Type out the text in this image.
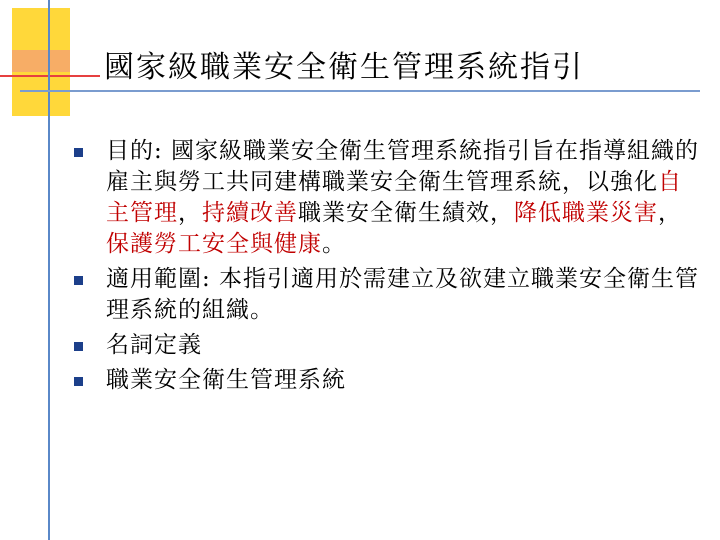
國家級職業安全衛生管理系統指引
目的: 國家級職業安全衛生管理系統指引旨在指導組織的雇主與勞工共同建構職業安全衛生管理系統，以強化自主管理，持續改善職業安全衛生績效，降低職業災害，保護勞工安全與健康。
適用範圍: 本指引適用於需建立及欲建立職業安全衛生管理系統的組織。
名詞定義
職業安全衛生管理系統
